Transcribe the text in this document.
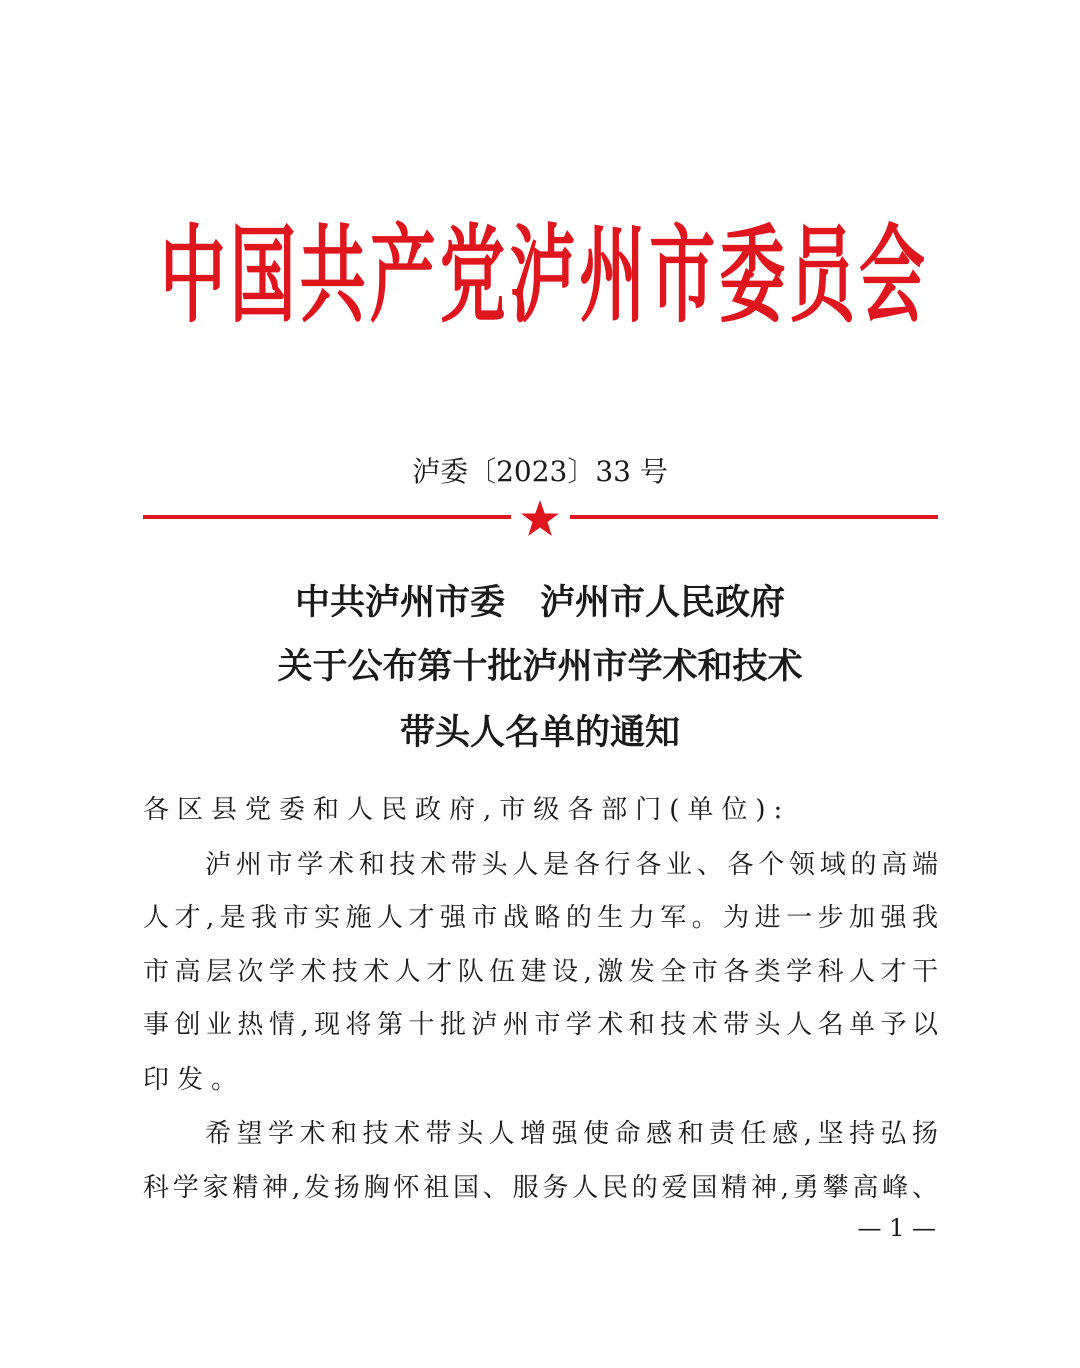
中国共产党泸州市委员会
泸委〔2023〕33 号
中共泸州市委　泸州市人民政府
关于公布第十批泸州市学术和技术
带头人名单的通知
各区县党委和人民政府,市级各部门(单位):
泸州市学术和技术带头人是各行各业、各个领域的高端
人才,是我市实施人才强市战略的生力军。为进一步加强我
市高层次学术技术人才队伍建设,激发全市各类学科人才干
事创业热情,现将第十批泸州市学术和技术带头人名单予以
印发。
希望学术和技术带头人增强使命感和责任感,坚持弘扬
科学家精神,发扬胸怀祖国、服务人民的爱国精神,勇攀高峰、
— 1 —
